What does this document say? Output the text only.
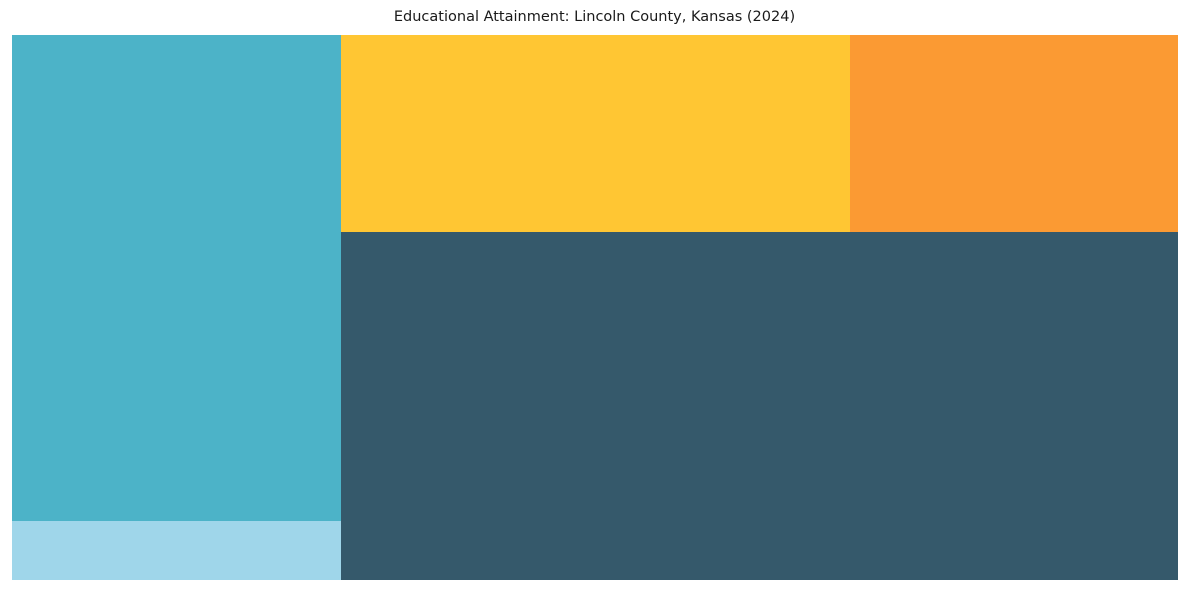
Educational Attainment: Lincoln County, Kansas (2024)
